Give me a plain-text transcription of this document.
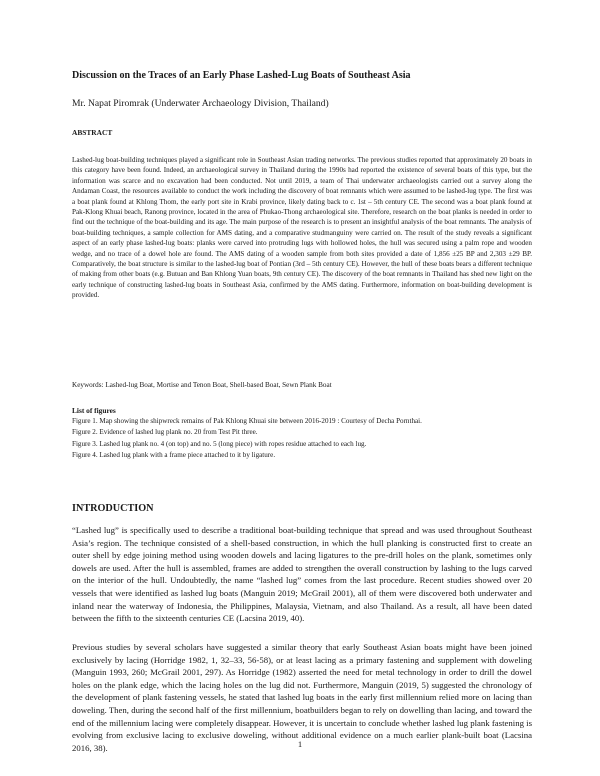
Discussion on the Traces of an Early Phase Lashed-Lug Boats of Southeast Asia
Mr. Napat Piromrak (Underwater Archaeology Division, Thailand)
ABSTRACT
Lashed-lug boat-building techniques played a significant role in Southeast Asian trading networks. The previous studies reported that approximately 20 boats in this category have been found. Indeed, an archaeological survey in Thailand during the 1990s had reported the existence of several boats of this type, but the information was scarce and no excavation had been conducted. Not until 2019, a team of Thai underwater archaeologists carried out a survey along the Andaman Coast, the resources available to conduct the work including the discovery of boat remnants which were assumed to be lashed-lug type. The first was a boat plank found at Khlong Thom, the early port site in Krabi province, likely dating back to c. 1st – 5th century CE. The second was a boat plank found at Pak-Klong Khuai beach, Ranong province, located in the area of Phukao-Thong archaeological site. Therefore, research on the boat planks is needed in order to find out the technique of the boat-building and its age. The main purpose of the research is to present an insightful analysis of the boat remnants. The analysis of boat-building techniques, a sample collection for AMS dating, and a comparative studmanguiny were carried on. The result of the study reveals a significant aspect of an early phase lashed-lug boats: planks were carved into protruding lugs with hollowed holes, the hull was secured using a palm rope and wooden wedge, and no trace of a dowel hole are found. The AMS dating of a wooden sample from both sites provided a date of 1,856 ±25 BP and 2,303 ±29 BP. Comparatively, the boat structure is similar to the lashed-lug boat of Pontian (3rd – 5th century CE). However, the hull of these boats bears a different technique of making from other boats (e.g. Butuan and Ban Khlong Yuan boats, 9th century CE). The discovery of the boat remnants in Thailand has shed new light on the early technique of constructing lashed-lug boats in Southeast Asia, confirmed by the AMS dating. Furthermore, information on boat-building development is provided.
Keywords: Lashed-lug Boat, Mortise and Tenon Boat, Shell-based Boat, Sewn Plank Boat
List of figures
Figure 1. Map showing the shipwreck remains of Pak Khlong Khuai site between 2016-2019 : Courtesy of Decha Pornthai.
Figure 2. Evidence of lashed lug plank no. 20 from Test Pit three.
Figure 3. Lashed lug plank no. 4 (on top) and no. 5 (long piece) with ropes residue attached to each lug.
Figure 4. Lashed lug plank with a frame piece attached to it by ligature.
INTRODUCTION

“Lashed lug” is specifically used to describe a traditional boat-building technique that spread and was used throughout Southeast Asia’s region. The technique consisted of a shell-based construction, in which the hull planking is constructed first to create an outer shell by edge joining method using wooden dowels and lacing ligatures to the pre-drill holes on the plank, sometimes only dowels are used. After the hull is assembled, frames are added to strengthen the overall construction by lashing to the lugs carved on the interior of the hull. Undoubtedly, the name “lashed lug” comes from the last procedure. Recent studies showed over 20 vessels that were identified as lashed lug boats (Manguin 2019; McGrail 2001), all of them were discovered both underwater and inland near the waterway of Indonesia, the Philippines, Malaysia, Vietnam, and also Thailand. As a result, all have been dated between the fifth to the sixteenth centuries CE (Lacsina 2019, 40).

Previous studies by several scholars have suggested a similar theory that early Southeast Asian boats might have been joined exclusively by lacing (Horridge 1982, 1, 32–33, 56-58), or at least lacing as a primary fastening and supplement with doweling (Manguin 1993, 260; McGrail 2001, 297). As Horridge (1982) asserted the need for metal technology in order to drill the dowel holes on the plank edge, which the lacing holes on the lug did not. Furthermore, Manguin (2019, 5) suggested the chronology of the development of plank fastening vessels, he stated that lashed lug boats in the early first millennium relied more on lacing than doweling. Then, during the second half of the first millennium, boatbuilders began to rely on dowelling than lacing, and toward the end of the millennium lacing were completely disappear. However, it is uncertain to conclude whether lashed lug plank fastening is evolving from exclusive lacing to exclusive doweling, without additional evidence on a much earlier plank-built boat (Lacsina 2016, 38).	1
